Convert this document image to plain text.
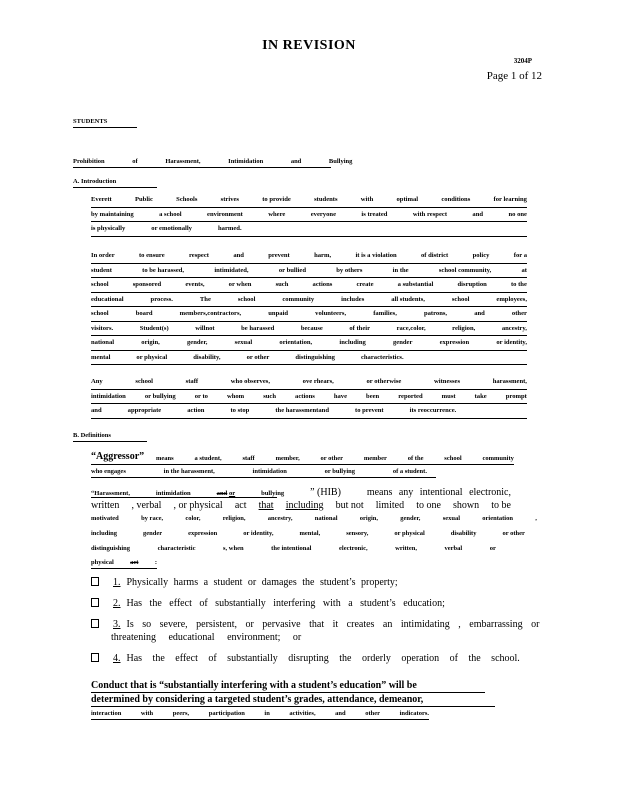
IN REVISION
3204P
Page 1 of 12
STUDENTS
Prohibition of Harassment, Intimidation and Bullying
A. Introduction
Everett	Public	Schools	strives	to provide	students	with	optimal	conditions	for learning
by maintaining	a school	environment	where	everyone	is treated	with respect	and	no one
is physically	or emotionally	harmed.
In order	to ensure	respect	and	prevent	harm,	it is a violation	of district	policy	for a
student	to be harassed,	intimidated,	or bullied	by others	in the	school community,	at
school	sponsored	events,	or when	such	actions	create	a substantial	disruption	to the
educational	process.	The	school	community	includes	all students,	school	employees,
school	board	members,contractors,	unpaid	volunteers,	families,	patrons,	and	other
visitors.	Student(s)	willnot	be harassed	because	of their	race,color,	religion,	ancestry,
national	origin,	gender,	sexual	orientation,	including	gender	expression	or identity,
mental	or physical	disability,	or other	distinguishing	characteristics.
Any	school	staff	who observes,	ove rhears,	or otherwise	witnesses	harassment,
intimidation	or bullying	or to	whom	such	actions	have	been	reported	must	take	prompt
and	appropriate	action	to stop	the harassmentand	to prevent	its reoccurrence.
B. Definitions
“Aggressor” means	a student,	staff	member,	or other	member	of the	school	community
who engages	in the harassment,	intimidation	or bullying	of a student.
“Harassment,	intimidation	and or	bullying	” (HIB)	means any intentional electronic,
written , verbal , or physical act that including but not limited to one shown to be
motivated	by race,	color,	religion,	ancestry,	national	origin,	gender,	sexual	orientation	,
including	gender	expression	or identity,	mental,	sensory,	or physical	disability	or other
distinguishing	characteristic	s, when	the intentional	electronic,	written,	verbal	or
physical	act	:
1. Physically harms a student or damages the student’s property;
2. Has the effect of substantially interfering with a student’s education;
3. Is so severe, persistent, or pervasive that it creates an intimidating , embarrassing or
threatening educational environment; or
4. Has the effect of substantially disrupting the orderly operation of the school.
Conduct that is “substantially interfering with a student’s education” will be
determined by considering a targeted student’s grades, attendance, demeanor,
interaction	with	peers,	participation	in	activities,	and	other	indicators.
